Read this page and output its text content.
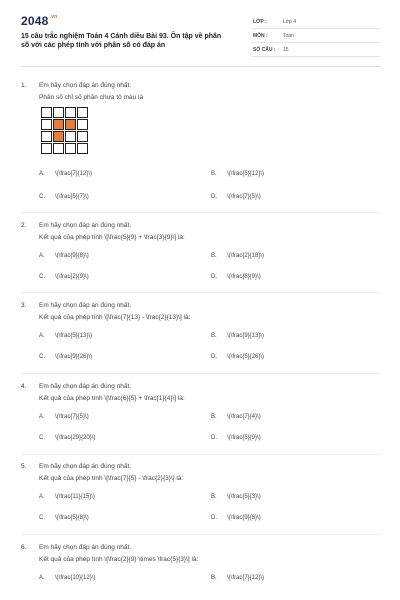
$2048^{.vn}$
15 câu trắc nghiệm Toán 4 Cánh diều Bài 93. Ôn tập về phân số với các phép tính với phân số có đáp án
LỚP :	Lớp 4
MÔN :	Toán
SỐ CÂU : 15
1. Em hãy chọn đáp án đúng nhất.
Phân số chỉ số phần chưa tô màu là
A. \(\frac{7}{12}\)	B. \(\frac{5}{12}\)
C. \(\frac{5}{7}\)	D. \(\frac{7}{5}\)
2. Em hãy chọn đáp án đúng nhất.
Kết quả của phép tính \[\frac{5}{9} + \frac{3}{9}\] là:
A. \(\frac{9}{8}\)	B. \(\frac{2}{18}\)
C. \(\frac{2}{9}\)	D. \(\frac{8}{9}\)
3. Em hãy chọn đáp án đúng nhất.
Kết quả của phép tính \[\frac{7}{13} - \frac{2}{13}\] là:
A. \(\frac{5}{13}\)	B. \(\frac{9}{13}\)
C. \(\frac{9}{26}\)	D. \(\frac{5}{26}\)
4. Em hãy chọn đáp án đúng nhất.
Kết quả của phép tính \[\frac{6}{5} + \frac{1}{4}\] là:
A. \(\frac{7}{5}\)	B. \(\frac{7}{4}\)
C. \(\frac{29}{20}\)	D. \(\frac{5}{9}\)
5. Em hãy chọn đáp án đúng nhất.
Kết quả của phép tính \[\frac{7}{5} - \frac{2}{3}\] là:
A. \(\frac{11}{15}\)	B. \(\frac{5}{3}\)
C. \(\frac{5}{8}\)	D. \(\frac{9}{8}\)
6. Em hãy chọn đáp án đúng nhất.
Kết quả của phép tính \[\frac{2}{9} \times \frac{5}{3}\] là:
A. \(\frac{10}{12}\)	B. \(\frac{7}{12}\)
